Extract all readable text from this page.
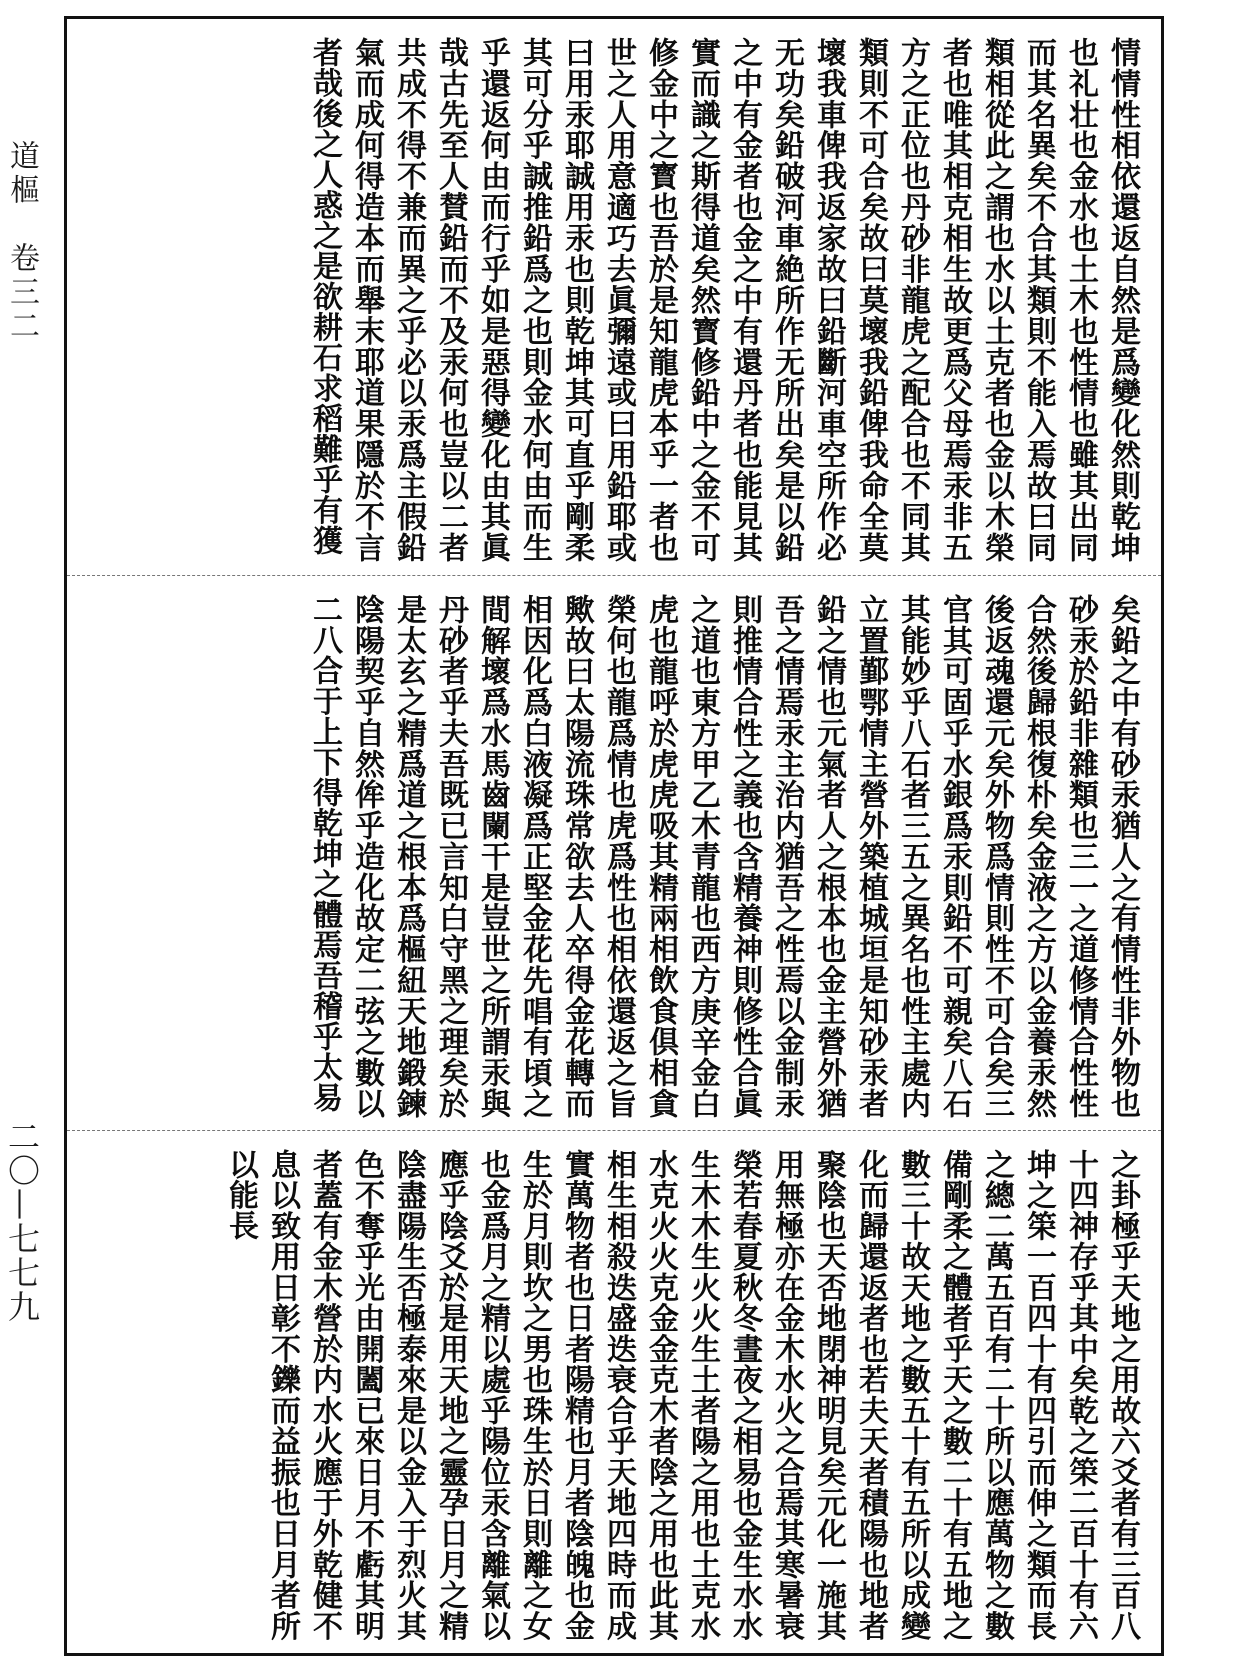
道樞　卷三二
二〇—七七九
情情性相依還返自然是爲變化然則乾坤也礼壮也金水也土木也性情也雖其出同而其名異矣不合其類則不能入焉故曰同類相從此之謂也水以土克者也金以木榮者也唯其相克相生故更爲父母焉汞非五方之正位也丹砂非龍虎之配合也不同其類則不可合矣故曰莫壞我鉛俾我命全莫壞我車俾我返家故曰鉛斷河車空所作必无功矣鉛破河車絶所作无所出矣是以鉛之中有金者也金之中有還丹者也能見其實而識之斯得道矣然寳修鉛中之金不可修金中之寳也吾於是知龍虎本乎一者也世之人用意適巧去眞彌遠或曰用鉛耶或曰用汞耶誠用汞也則乾坤其可直乎剛柔其可分乎誠推鉛爲之也則金水何由而生乎還返何由而行乎如是惡得變化由其眞哉古先至人賛鉛而不及汞何也豈以二者共成不得不兼而異之乎必以汞爲主假鉛氣而成何得造本而舉末耶道果隱於不言者哉後之人惑之是欲耕石求稻難乎有獲
矣鉛之中有砂汞猶人之有情性非外物也砂汞於鉛非雜類也三一之道修情合性性合然後歸根復朴矣金液之方以金養汞然後返魂還元矣外物爲情則性不可合矣三官其可固乎水銀爲汞則鉛不可親矣八石其能妙乎八石者三五之異名也性主處内立置鄞鄂情主營外築植城垣是知砂汞者鉛之情也元氣者人之根本也金主營外猶吾之情焉汞主治内猶吾之性焉以金制汞則推情合性之義也含精養神則修性合眞之道也東方甲乙木青龍也西方庚辛金白虎也龍呼於虎虎吸其精兩相飲食倶相貪榮何也龍爲情也虎爲性也相依還返之旨歟故曰太陽流珠常欲去人卒得金花轉而相因化爲白液凝爲正堅金花先唱有頃之間解壞爲水馬齒闌干是豈世之所謂汞與丹砂者乎夫吾既已言知白守黑之理矣於是太玄之精爲道之根本爲樞紐天地鍛鍊陰陽契乎自然侔乎造化故定二弦之數以二八合于上下得乾坤之體焉吾稽乎太易
之卦極乎天地之用故六爻者有三百八十四神存乎其中矣乾之筞二百十有六坤之筞一百四十有四引而伸之類而長之總二萬五百有二十所以應萬物之數備剛柔之體者乎天之數二十有五地之數三十故天地之數五十有五所以成變化而歸還返者也若夫天者積陽也地者聚陰也天否地閉神明見矣元化一施其用無極亦在金木水火之合焉其寒暑衰榮若春夏秋冬晝夜之相易也金生水水生木木生火火生土者陽之用也土克水水克火火克金金克木者陰之用也此其相生相殺迭盛迭衰合乎天地四時而成實萬物者也日者陽精也月者陰魄也金生於月則坎之男也珠生於日則離之女也金爲月之精以處乎陽位汞含離氣以應乎陰爻於是用天地之靈孕日月之精陰盡陽生否極泰來是以金入于烈火其色不奪乎光由開闔已來日月不虧其明者蓋有金木營於内水火應于外乾健不息以致用日彰不鑠而益振也日月者所以能長
